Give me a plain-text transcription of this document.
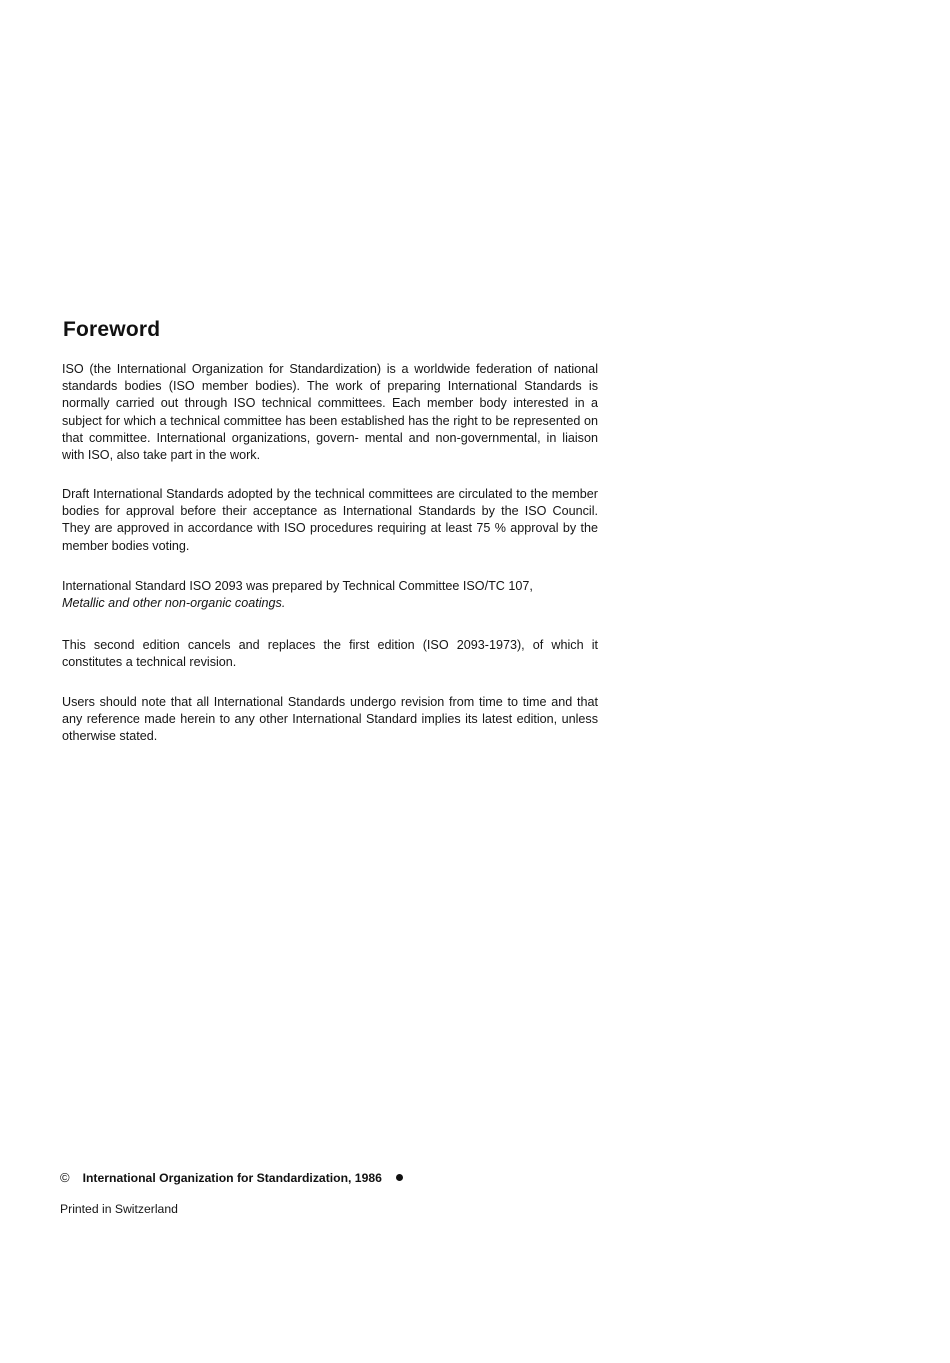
Foreword

ISO (the International Organization for Standardization) is a worldwide federation of national standards bodies (ISO member bodies). The work of preparing International Standards is normally carried out through ISO technical committees. Each member body interested in a subject for which a technical committee has been established has the right to be represented on that committee. International organizations, govern- mental and non-governmental, in liaison with ISO, also take part in the work.

Draft International Standards adopted by the technical committees are circulated to the member bodies for approval before their acceptance as International Standards by the ISO Council. They are approved in accordance with ISO procedures requiring at least 75 % approval by the member bodies voting.

International Standard ISO 2093 was prepared by Technical Committee ISO/TC 107,
Metallic and other non-organic coatings.

This second edition cancels and replaces the first edition (ISO 2093-1973), of which it constitutes a technical revision.

Users should note that all International Standards undergo revision from time to time and that any reference made herein to any other International Standard implies its latest edition, unless otherwise stated.

© International Organization for Standardization, 1986

Printed in Switzerland
